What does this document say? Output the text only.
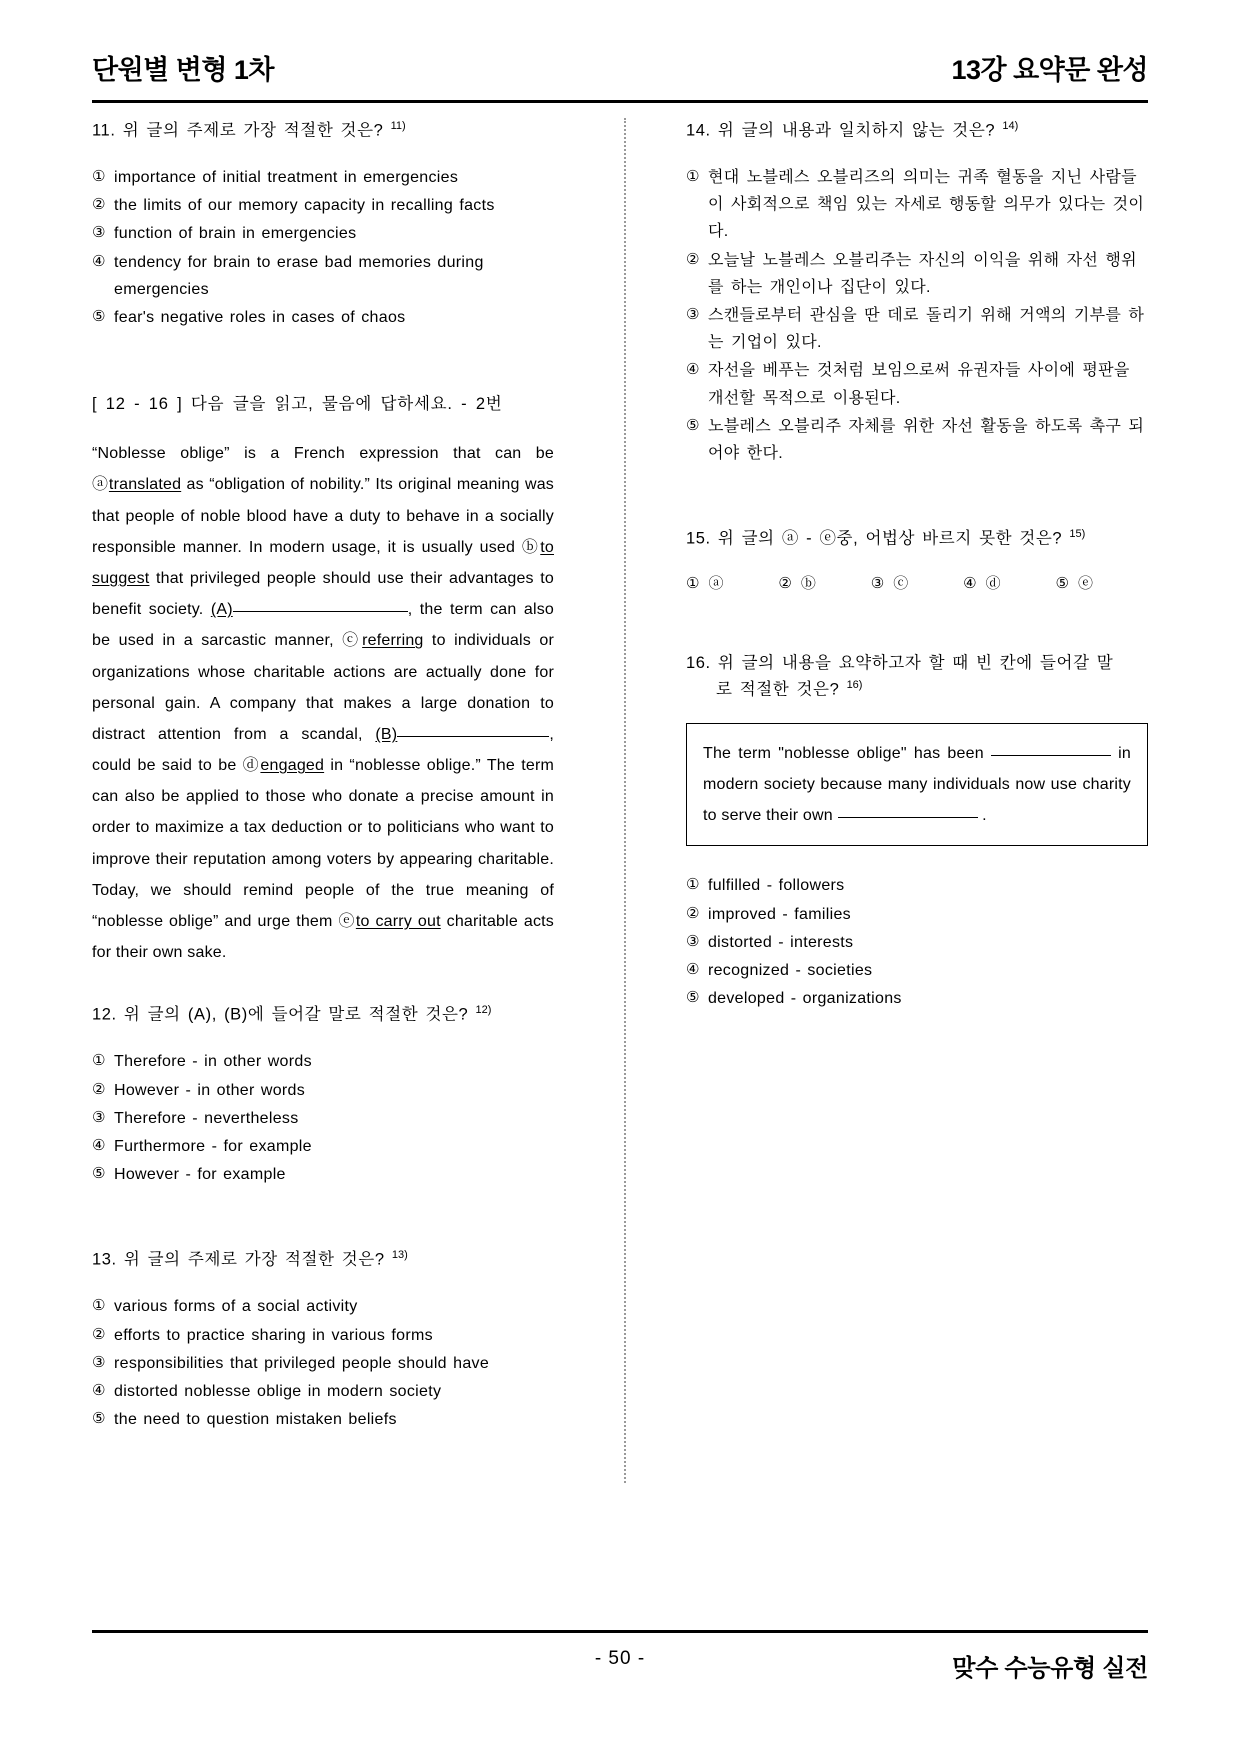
단원별 변형 1차	13강 요약문 완성
11. 위 글의 주제로 가장 적절한 것은? $^{11)}$
① importance of initial treatment in emergencies
② the limits of our memory capacity in recalling facts
③ function of brain in emergencies
④ tendency for brain to erase bad memories during emergencies
⑤ fear's negative roles in cases of chaos
[ 12 - 16 ] 다음 글을 읽고, 물음에 답하세요. - 2번
“Noblesse oblige” is a French expression that can be ⓐtranslated as “obligation of nobility.” Its original meaning was that people of noble blood have a duty to behave in a socially responsible manner. In modern usage, it is usually used ⓑto suggest that privileged people should use their advantages to benefit society. (A)	, the term can also be used in a sarcastic manner, ⓒreferring to individuals or organizations whose charitable actions are actually done for personal gain. A company that makes a large donation to distract attention from a scandal, (B)	, could be said to be ⓓengaged in “noblesse oblige.” The term can also be applied to those who donate a precise amount in order to maximize a tax deduction or to politicians who want to improve their reputation among voters by appearing charitable. Today, we should remind people of the true meaning of “noblesse oblige” and urge them ⓔto carry out charitable acts for their own sake.
12. 위 글의 (A), (B)에 들어갈 말로 적절한 것은? $^{12)}$
① Therefore - in other words
② However - in other words
③ Therefore - nevertheless
④ Furthermore - for example
⑤ However - for example
13. 위 글의 주제로 가장 적절한 것은? $^{13)}$
① various forms of a social activity
② efforts to practice sharing in various forms
③ responsibilities that privileged people should have
④ distorted noblesse oblige in modern society
⑤ the need to question mistaken beliefs
14. 위 글의 내용과 일치하지 않는 것은? $^{14)}$
① 현대 노블레스 오블리즈의 의미는 귀족 혈동을 지닌 사람들이 사회적으로 책임 있는 자세로 행동할 의무가 있다는 것이다.
② 오늘날 노블레스 오블리주는 자신의 이익을 위해 자선 행위를 하는 개인이나 집단이 있다.
③ 스캔들로부터 관심을 딴 데로 돌리기 위해 거액의 기부를 하는 기업이 있다.
④ 자선을 베푸는 것처럼 보임으로써 유권자들 사이에 평판을 개선할 목적으로 이용된다.
⑤ 노블레스 오블리주 자체를 위한 자선 활동을 하도록 촉구 되어야 한다.
15. 위 글의 ⓐ - ⓔ중, 어법상 바르지 못한 것은? $^{15)}$
① ⓐ	② ⓑ	③ ⓒ	④ ⓓ	⑤ ⓔ
16. 위 글의 내용을 요약하고자 할 때 빈 칸에 들어갈 말
로 적절한 것은? $^{16)}$
The term "noblesse oblige" has been	in modern society because many individuals now use charity to serve their own	.
① fulfilled - followers
② improved - families
③ distorted - interests
④ recognized - societies
⑤ developed - organizations
- 50 -	맞수 수능유형 실전
